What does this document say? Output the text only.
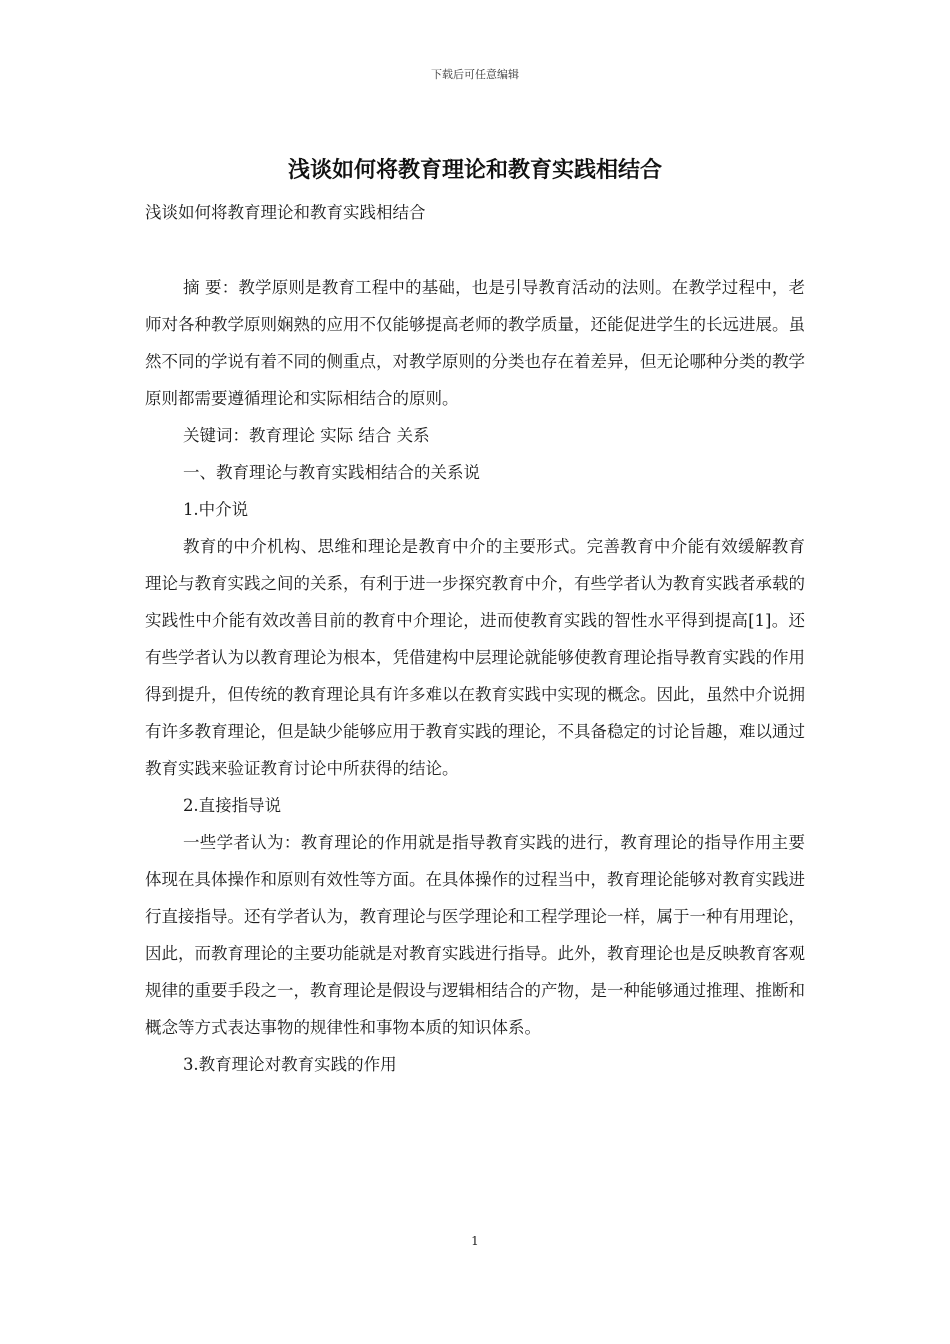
下载后可任意编辑
浅谈如何将教育理论和教育实践相结合
浅谈如何将教育理论和教育实践相结合

摘 要：教学原则是教育工程中的基础，也是引导教育活动的法则。在教学过程中，老师对各种教学原则娴熟的应用不仅能够提高老师的教学质量，还能促进学生的长远进展。虽然不同的学说有着不同的侧重点，对教学原则的分类也存在着差异，但无论哪种分类的教学原则都需要遵循理论和实际相结合的原则。

关键词：教育理论 实际 结合 关系

一、教育理论与教育实践相结合的关系说

1.中介说

教育的中介机构、思维和理论是教育中介的主要形式。完善教育中介能有效缓解教育理论与教育实践之间的关系，有利于进一步探究教育中介，有些学者认为教育实践者承载的实践性中介能有效改善目前的教育中介理论，进而使教育实践的智性水平得到提高[1]。还有些学者认为以教育理论为根本，凭借建构中层理论就能够使教育理论指导教育实践的作用得到提升，但传统的教育理论具有许多难以在教育实践中实现的概念。因此，虽然中介说拥有许多教育理论，但是缺少能够应用于教育实践的理论，不具备稳定的讨论旨趣，难以通过教育实践来验证教育讨论中所获得的结论。

2.直接指导说

一些学者认为：教育理论的作用就是指导教育实践的进行，教育理论的指导作用主要体现在具体操作和原则有效性等方面。在具体操作的过程当中，教育理论能够对教育实践进行直接指导。还有学者认为，教育理论与医学理论和工程学理论一样，属于一种有用理论，因此，而教育理论的主要功能就是对教育实践进行指导。此外，教育理论也是反映教育客观规律的重要手段之一，教育理论是假设与逻辑相结合的产物，是一种能够通过推理、推断和概念等方式表达事物的规律性和事物本质的知识体系。

3.教育理论对教育实践的作用

1
